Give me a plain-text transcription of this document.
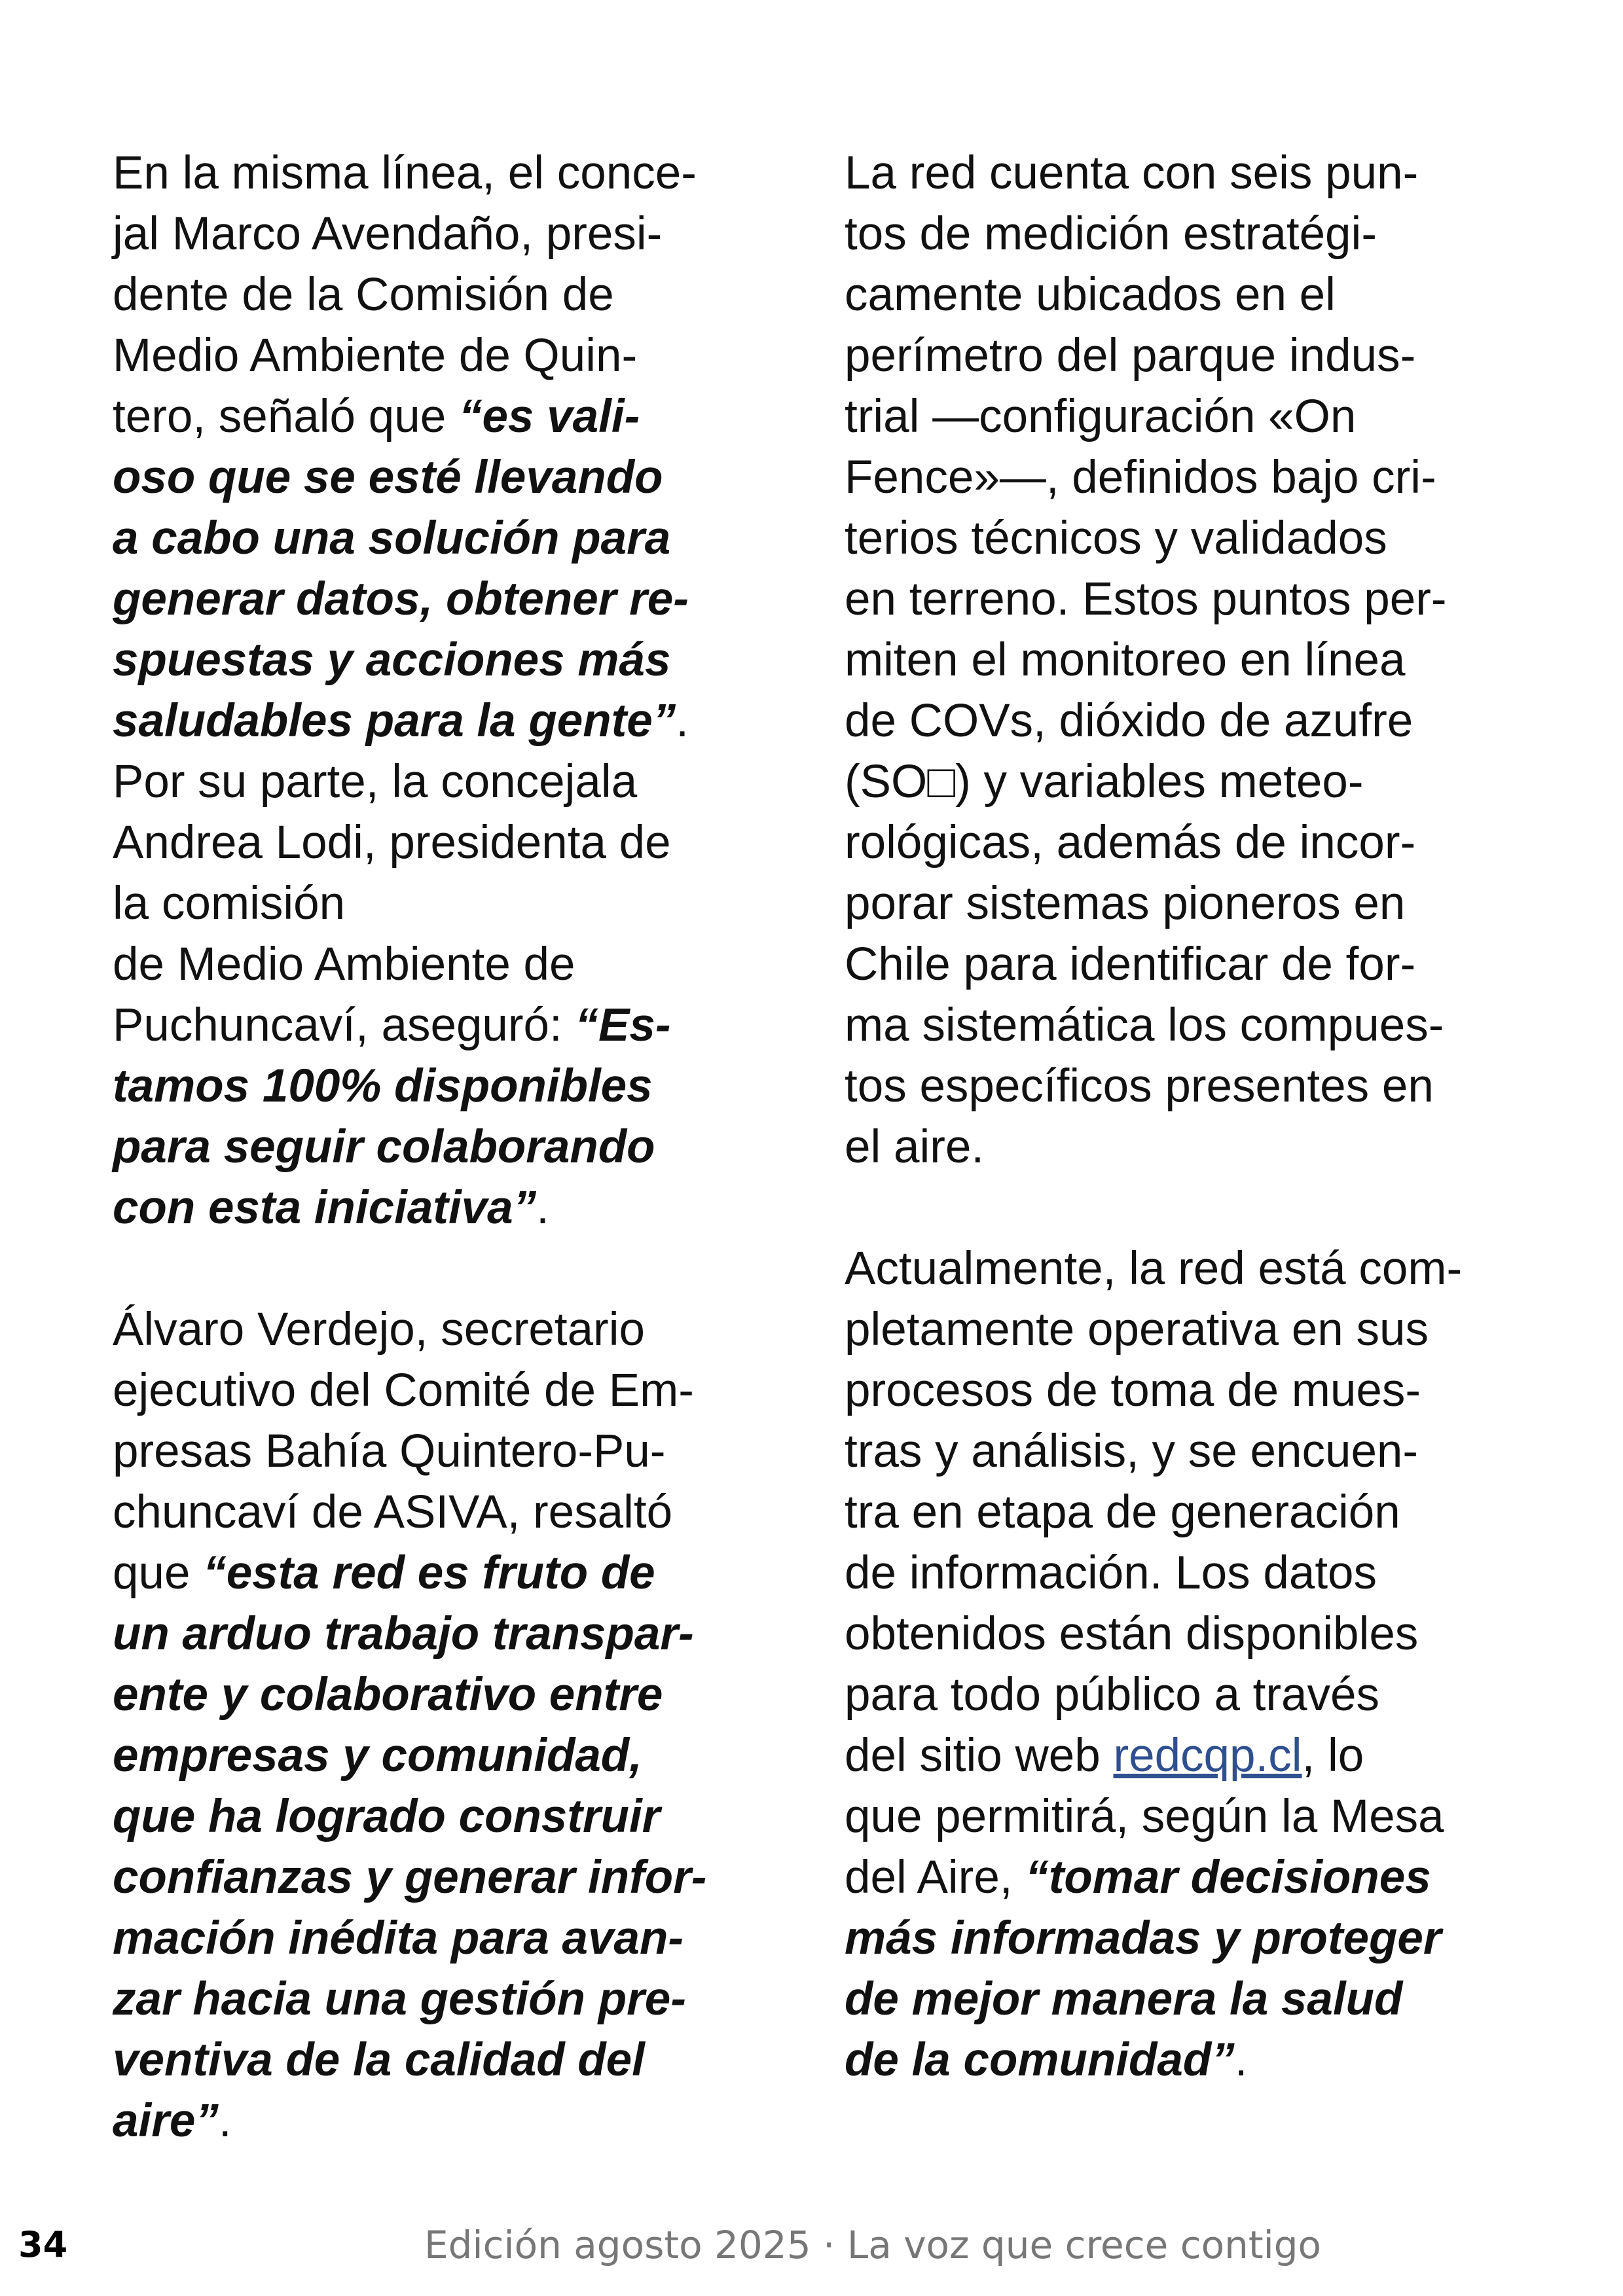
En la misma línea, el conce-
jal Marco Avendaño, presi-
dente de la Comisión de
Medio Ambiente de Quin-
tero, señaló que “es vali-
oso que se esté llevando
a cabo una solución para
generar datos, obtener re-
spuestas y acciones más
saludables para la gente”.
Por su parte, la concejala
Andrea Lodi, presidenta de
la comisión
de Medio Ambiente de
Puchuncaví, aseguró: “Es-
tamos 100% disponibles
para seguir colaborando
con esta iniciativa”.
Álvaro Verdejo, secretario
ejecutivo del Comité de Em-
presas Bahía Quintero-Pu-
chuncaví de ASIVA, resaltó
que “esta red es fruto de
un arduo trabajo transpar-
ente y colaborativo entre
empresas y comunidad,
que ha logrado construir
confianzas y generar infor-
mación inédita para avan-
zar hacia una gestión pre-
ventiva de la calidad del
aire”.
La red cuenta con seis pun-
tos de medición estratégi-
camente ubicados en el
perímetro del parque indus-
trial —configuración «On
Fence»—, definidos bajo cri-
terios técnicos y validados
en terreno. Estos puntos per-
miten el monitoreo en línea
de COVs, dióxido de azufre
(SO□) y variables meteo-
rológicas, además de incor-
porar sistemas pioneros en
Chile para identificar de for-
ma sistemática los compues-
tos específicos presentes en
el aire.
Actualmente, la red está com-
pletamente operativa en sus
procesos de toma de mues-
tras y análisis, y se encuen-
tra en etapa de generación
de información. Los datos
obtenidos están disponibles
para todo público a través
del sitio web redcqp.cl, lo
que permitirá, según la Mesa
del Aire, “tomar decisiones
más informadas y proteger
de mejor manera la salud
de la comunidad”.
34	Edición agosto 2025 · La voz que crece contigo
